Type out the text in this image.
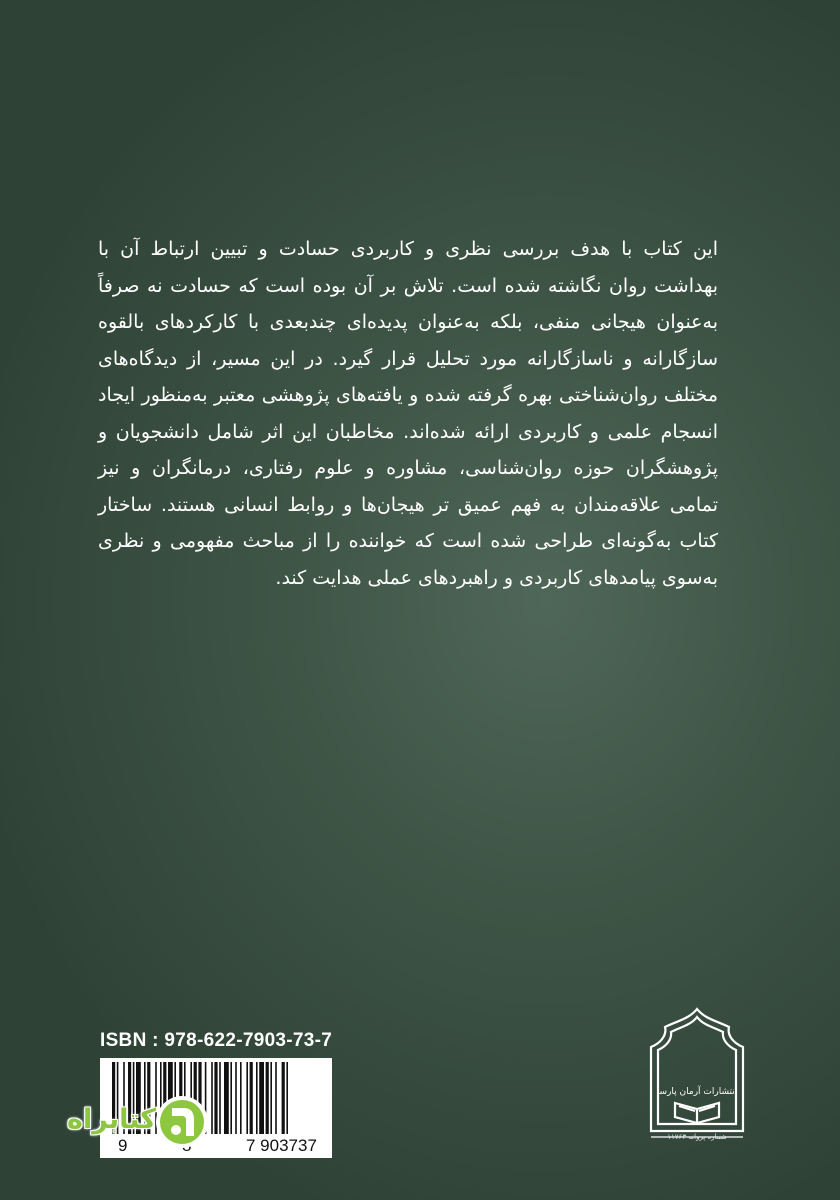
این کتاب با هدف بررسی نظری و کاربردی حسادت و تبیین ارتباط آن با بهداشت روان نگاشته شده است. تلاش بر آن بوده است که حسادت نه صرفاً به‌عنوان هیجانی منفی، بلکه به‌عنوان پدیده‌ای چندبعدی با کارکردهای بالقوه سازگارانه و ناسازگارانه مورد تحلیل قرار گیرد. در این مسیر، از دیدگاه‌های مختلف روان‌شناختی بهره گرفته شده و یافته‌های پژوهشی معتبر به‌منظور ایجاد انسجام علمی و کاربردی ارائه شده‌اند. مخاطبان این اثر شامل دانشجویان و پژوهشگران حوزه روان‌شناسی، مشاوره و علوم رفتاری، درمانگران و نیز تمامی علاقه‌مندان به فهم عمیق تر هیجان‌ها و روابط انسانی هستند. ساختار کتاب به‌گونه‌ای طراحی شده است که خواننده را از مباحث مفهومی و نظری به‌سوی پیامدهای کاربردی و راهبردهای عملی هدایت کند.

ISBN : 978-622-7903-73-7
9	7 903737
کتابراه
انتشارات آرمان پارسا
شماره پروانه ۱۱۷۶۳
